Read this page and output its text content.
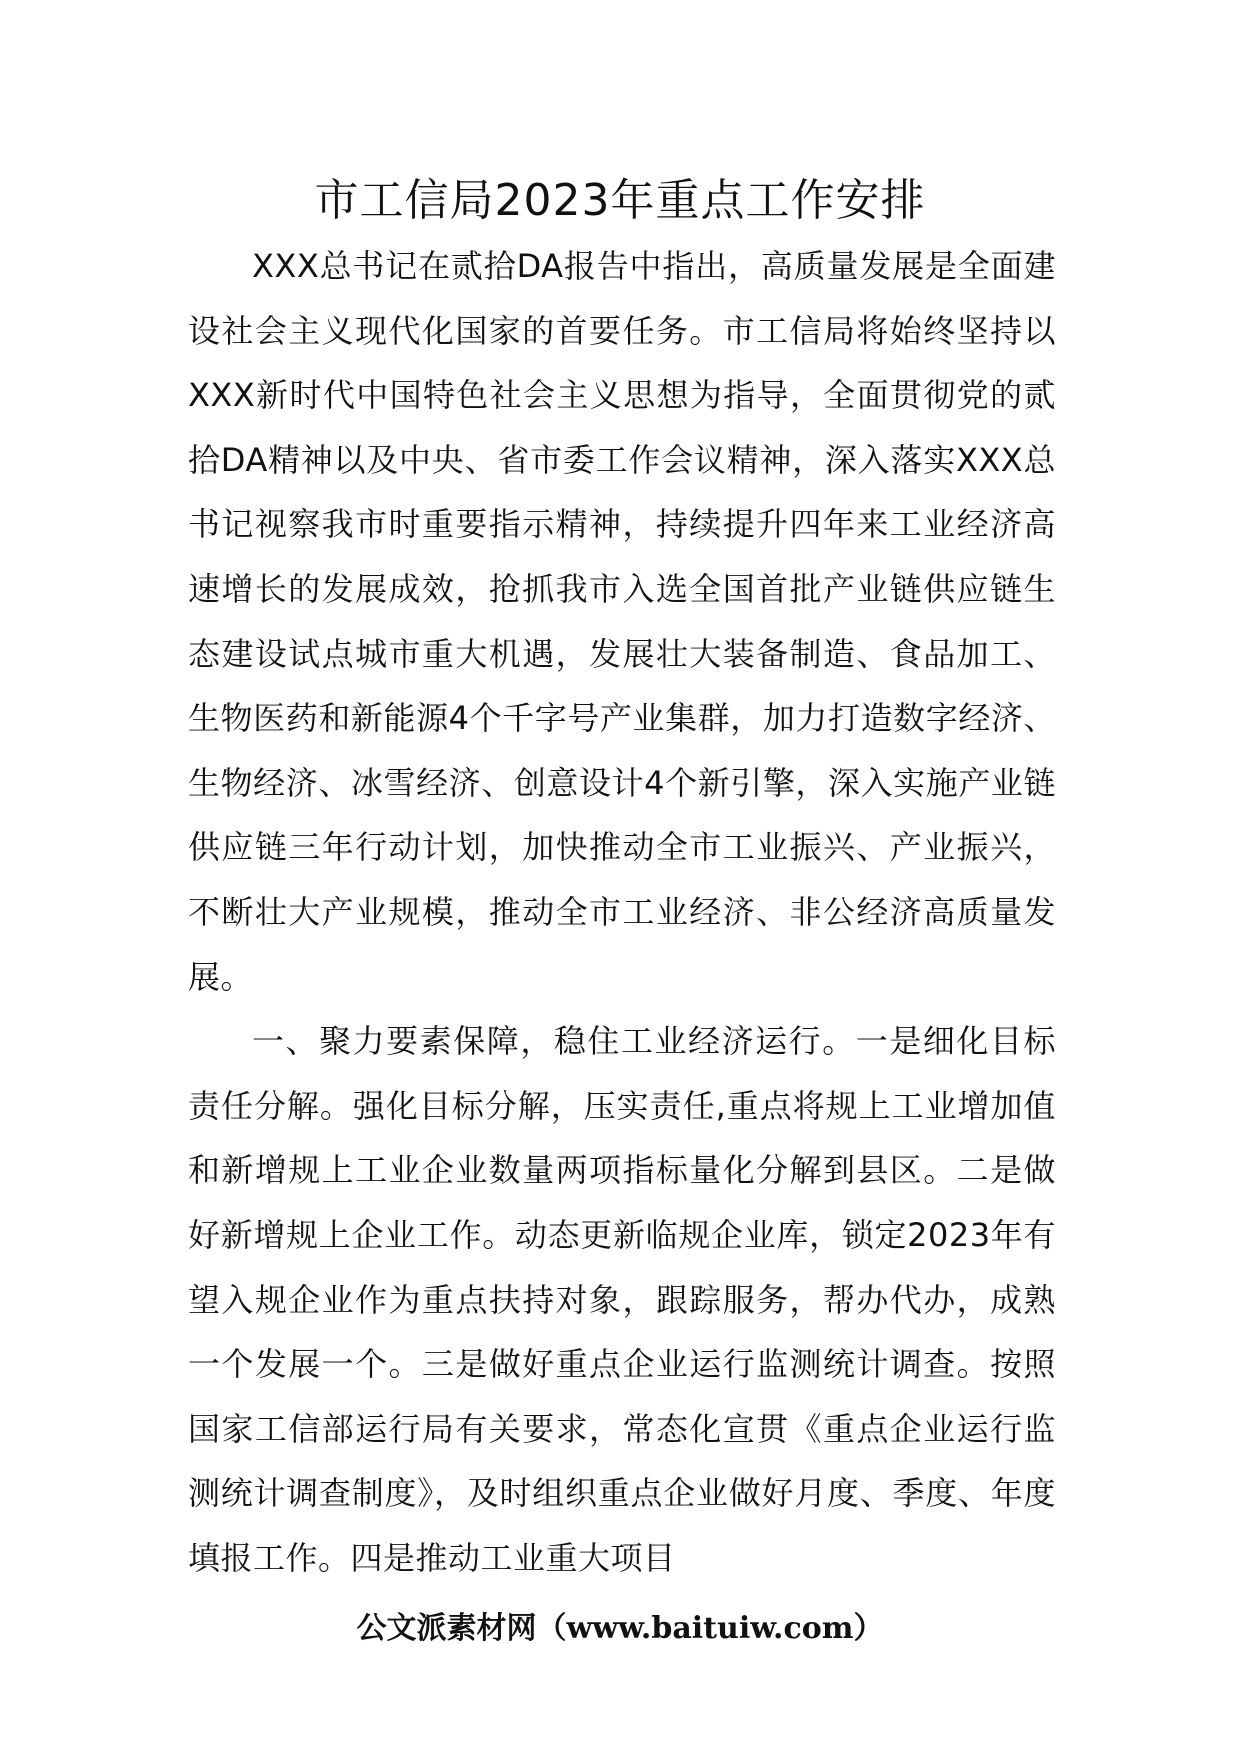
市工信局2023年重点工作安排

XXX总书记在贰拾DA报告中指出，高质量发展是全面建设社会主义现代化国家的首要任务。市工信局将始终坚持以XXX新时代中国特色社会主义思想为指导，全面贯彻党的贰拾DA精神以及中央、省市委工作会议精神，深入落实XXX总书记视察我市时重要指示精神，持续提升四年来工业经济高速增长的发展成效，抢抓我市入选全国首批产业链供应链生态建设试点城市重大机遇，发展壮大装备制造、食品加工、生物医药和新能源4个千字号产业集群，加力打造数字经济、生物经济、冰雪经济、创意设计4个新引擎，深入实施产业链供应链三年行动计划，加快推动全市工业振兴、产业振兴，不断壮大产业规模，推动全市工业经济、非公经济高质量发展。

一、聚力要素保障，稳住工业经济运行。一是细化目标责任分解。强化目标分解，压实责任,重点将规上工业增加值和新增规上工业企业数量两项指标量化分解到县区。二是做好新增规上企业工作。动态更新临规企业库，锁定2023年有望入规企业作为重点扶持对象，跟踪服务，帮办代办，成熟一个发展一个。三是做好重点企业运行监测统计调查。按照国家工信部运行局有关要求，常态化宣贯《重点企业运行监测统计调查制度》，及时组织重点企业做好月度、季度、年度填报工作。四是推动工业重大项目

公文派素材网（www.baituiw.com）
